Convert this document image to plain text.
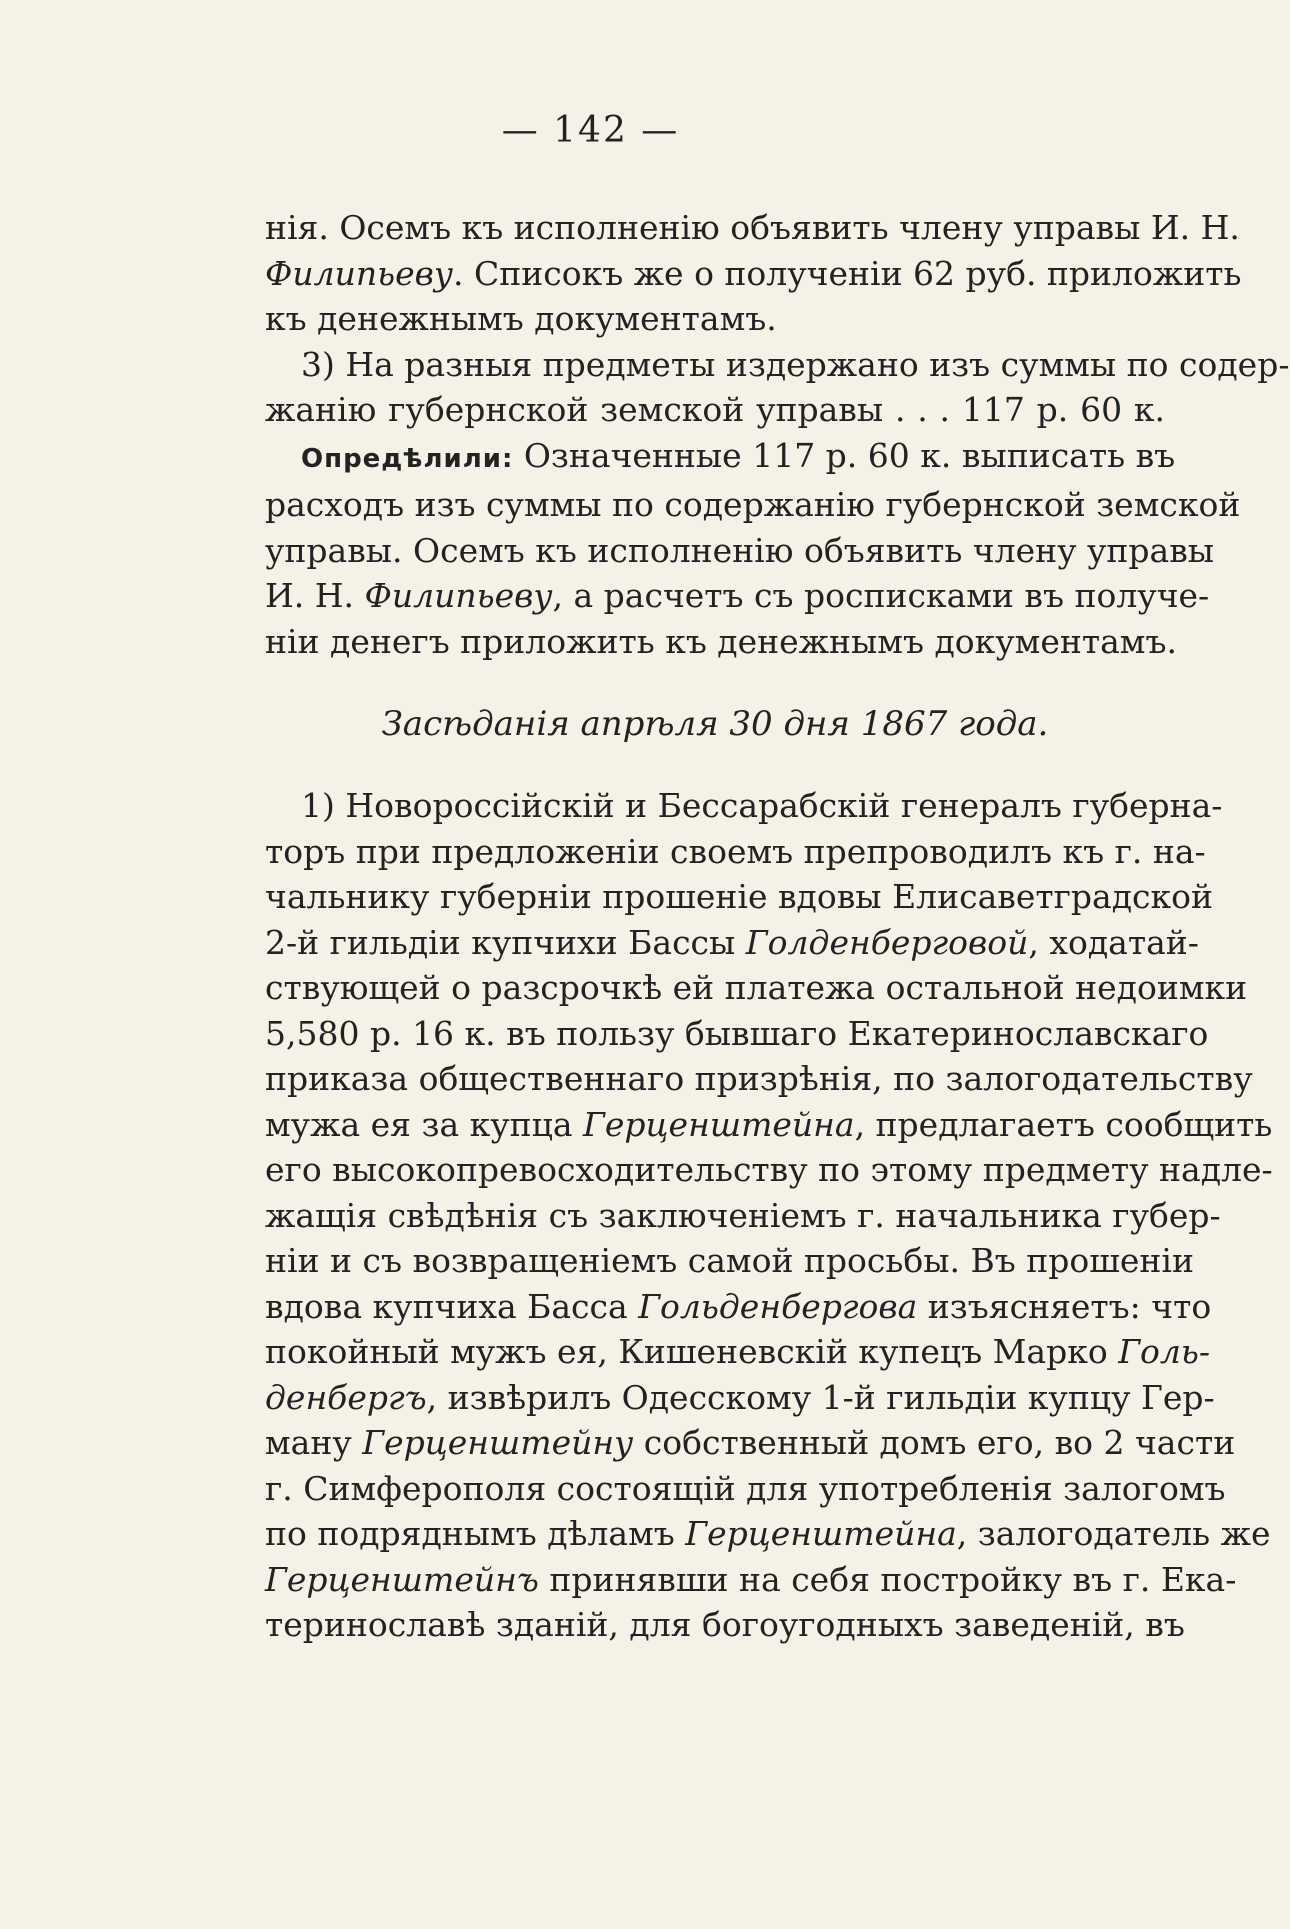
— 142 —
нія. Осемъ къ исполненію объявить члену управы И. Н.
Филипьеву. Списокъ же о полученіи 62 руб. приложить
къ денежнымъ документамъ.
3) На разныя предметы издержано изъ суммы по содер-
жанію губернской земской управы . . . 117 р. 60 к.
Опредѣлили: Означенные 117 р. 60 к. выписать въ
расходъ изъ суммы по содержанію губернской земской
управы. Осемъ къ исполненію объявить члену управы
И. Н. Филипьеву, а расчетъ съ росписками въ получе-
ніи денегъ приложить къ денежнымъ документамъ.
Засѣданія апрѣля 30 дня 1867 года.
1) Новороссійскій и Бессарабскій генералъ губерна-
торъ при предложеніи своемъ препроводилъ къ г. на-
чальнику губерніи прошеніе вдовы Елисаветградской
2-й гильдіи купчихи Бассы Голденберговой, ходатай-
ствующей о разсрочкѣ ей платежа остальной недоимки
5,580 р. 16 к. въ пользу бывшаго Екатеринославскаго
приказа общественнаго призрѣнія, по залогодательству
мужа ея за купца Герценштейна, предлагаетъ сообщить
его высокопревосходительству по этому предмету надле-
жащія свѣдѣнія съ заключеніемъ г. начальника губер-
ніи и съ возвращеніемъ самой просьбы. Въ прошеніи
вдова купчиха Басса Гольденбергова изъясняетъ: что
покойный мужъ ея, Кишеневскій купецъ Марко Голь-
денбергъ, извѣрилъ Одесскому 1-й гильдіи купцу Гер-
ману Герценштейну собственный домъ его, во 2 части
г. Симферополя состоящій для употребленія залогомъ
по подряднымъ дѣламъ Герценштейна, залогодатель же
Герценштейнъ принявши на себя постройку въ г. Ека-
теринославѣ зданій, для богоугодныхъ заведеній, въ
